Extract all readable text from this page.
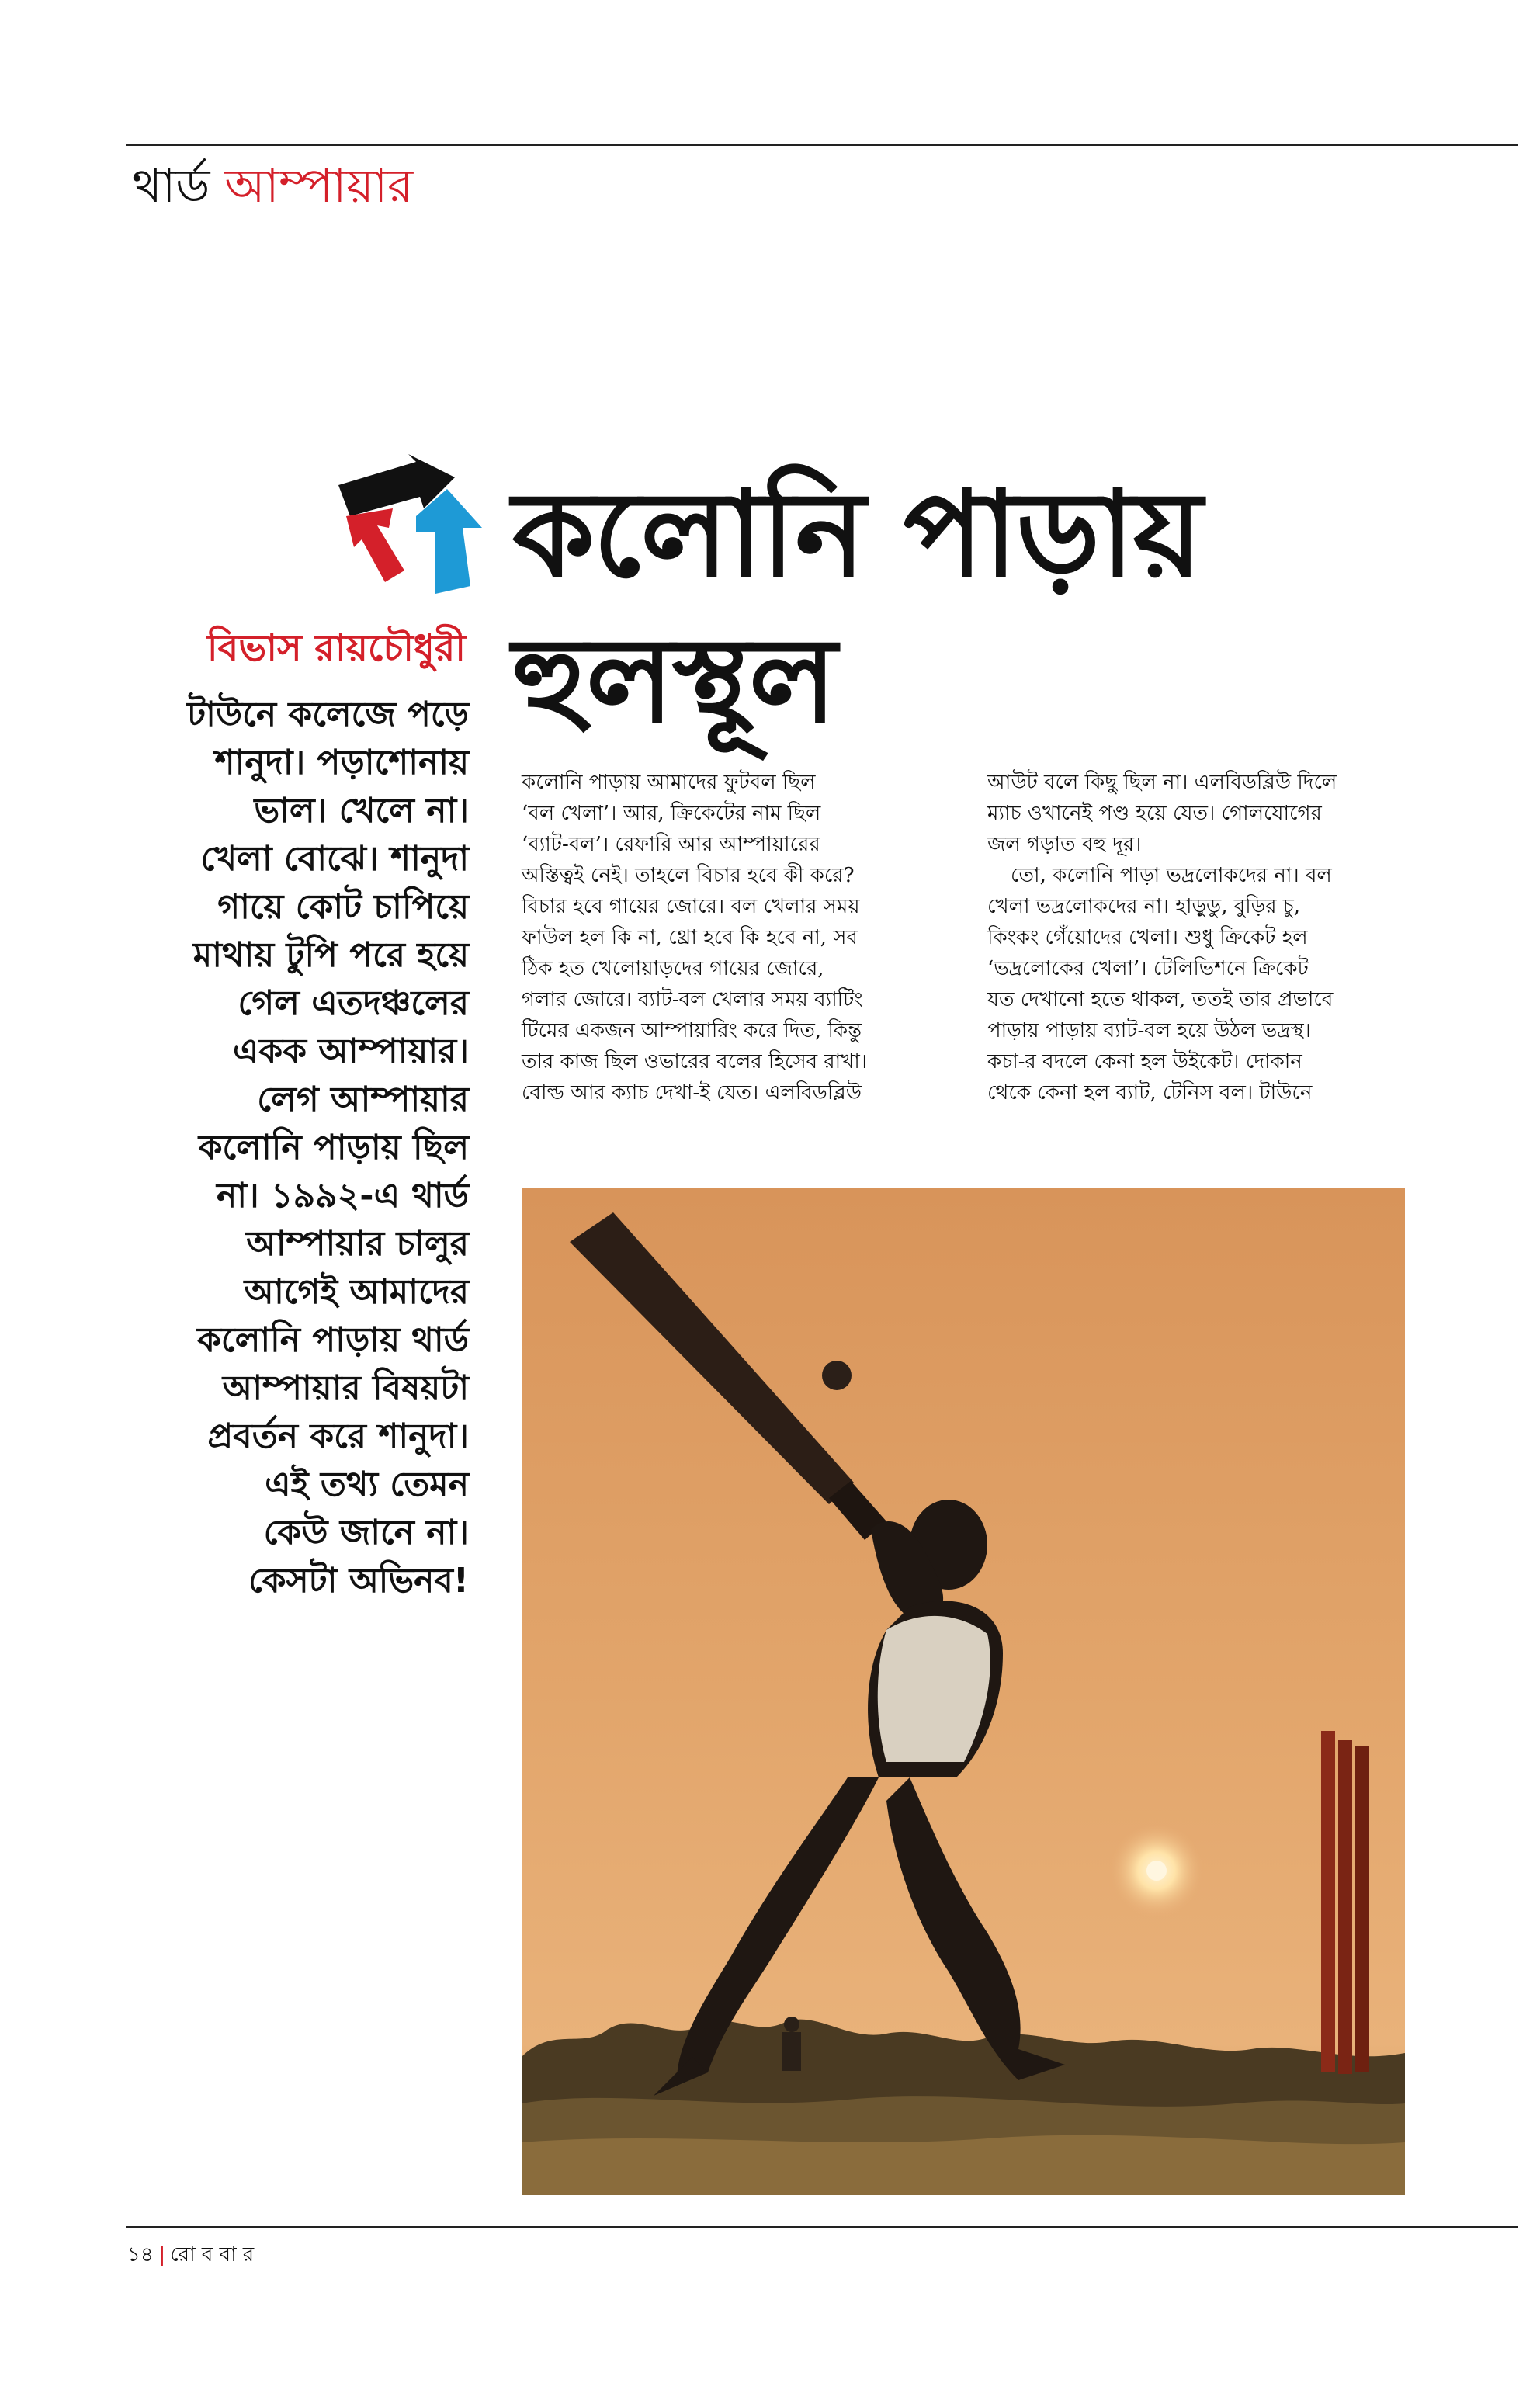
থার্ড আম্পায়ার
কলোনি পাড়ায়
হুলস্থূল
বিভাস রায়চৌধুরী
টাউনে কলেজে পড়ে
শানুদা। পড়াশোনায়
ভাল। খেলে না।
খেলা বোঝে। শানুদা
গায়ে কোট চাপিয়ে
মাথায় টুপি পরে হয়ে
গেল এতদঞ্চলের
একক আম্পায়ার।
লেগ আম্পায়ার
কলোনি পাড়ায় ছিল
না। ১৯৯২-এ থার্ড
আম্পায়ার চালুর
আগেই আমাদের
কলোনি পাড়ায় থার্ড
আম্পায়ার বিষয়টা
প্রবর্তন করে শানুদা।
এই তথ্য তেমন
কেউ জানে না।
কেসটা অভিনব!
কলোনি পাড়ায় আমাদের ফুটবল ছিল
‘বল খেলা’। আর, ক্রিকেটের নাম ছিল
‘ব্যাট-বল’। রেফারি আর আম্পায়ারের
অস্তিত্বই নেই। তাহলে বিচার হবে কী করে?
বিচার হবে গায়ের জোরে। বল খেলার সময়
ফাউল হল কি না, থ্রো হবে কি হবে না, সব
ঠিক হত খেলোয়াড়দের গায়ের জোরে,
গলার জোরে। ব্যাট-বল খেলার সময় ব্যাটিং
টিমের একজন আম্পায়ারিং করে দিত, কিন্তু
তার কাজ ছিল ওভারের বলের হিসেব রাখা।
বোল্ড আর ক্যাচ দেখা-ই যেত। এলবিডব্লিউ
আউট বলে কিছু ছিল না। এলবিডব্লিউ দিলে
ম্যাচ ওখানেই পণ্ড হয়ে যেত। গোলযোগের
জল গড়াত বহু দূর।
তো, কলোনি পাড়া ভদ্রলোকদের না। বল
খেলা ভদ্রলোকদের না। হাড়ুডু, বুড়ির চু,
কিংকং গেঁয়োদের খেলা। শুধু ক্রিকেট হল
‘ভদ্রলোকের খেলা’। টেলিভিশনে ক্রিকেট
যত দেখানো হতে থাকল, ততই তার প্রভাবে
পাড়ায় পাড়ায় ব্যাট-বল হয়ে উঠল ভদ্রস্থ।
কচা-র বদলে কেনা হল উইকেট। দোকান
থেকে কেনা হল ব্যাট, টেনিস বল। টাউনে
১৪ | রো ব বা র
